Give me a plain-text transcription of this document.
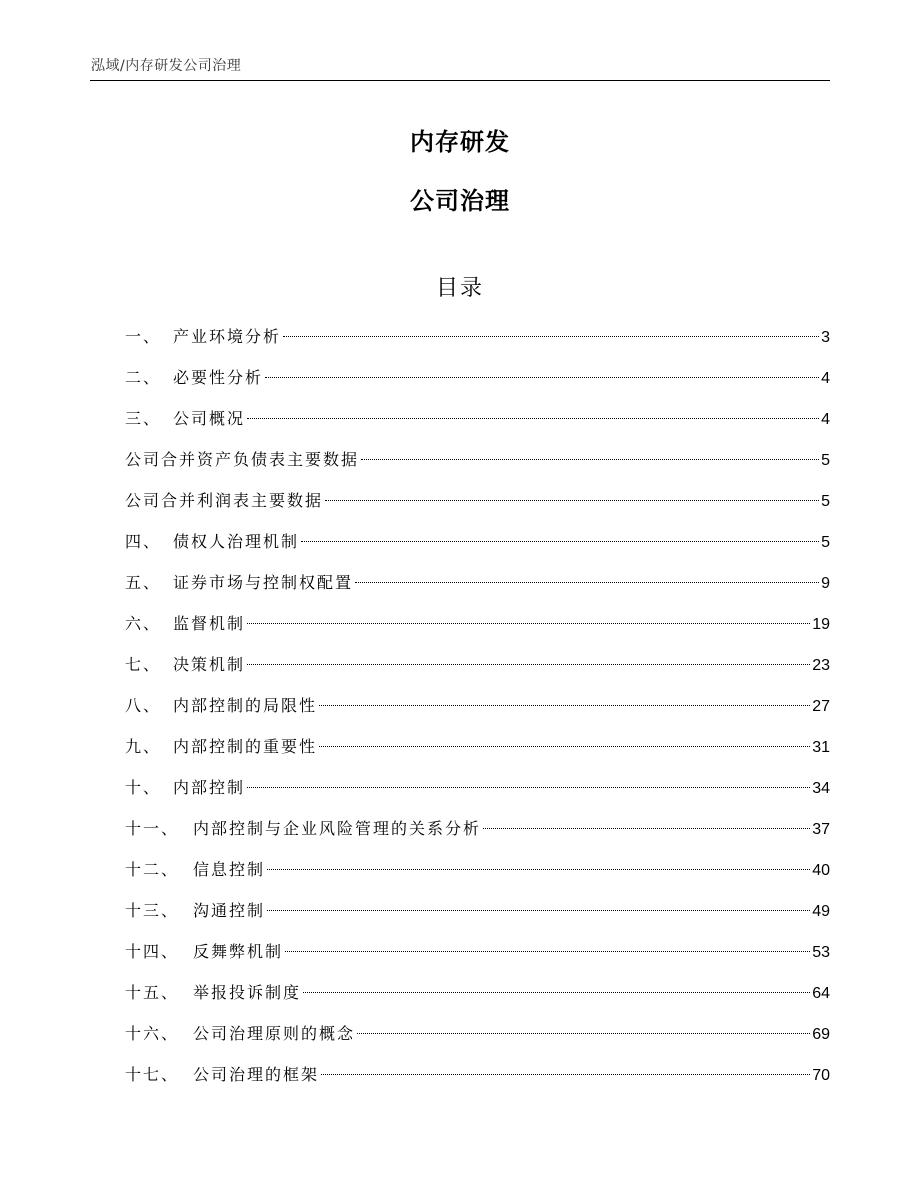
泓域/内存研发公司治理
内存研发
公司治理
目录
一、 产业环境分析	3
二、 必要性分析	4
三、 公司概况	4
公司合并资产负债表主要数据	5
公司合并利润表主要数据	5
四、 债权人治理机制	5
五、 证券市场与控制权配置	9
六、 监督机制	19
七、 决策机制	23
八、 内部控制的局限性	27
九、 内部控制的重要性	31
十、 内部控制	34
十一、 内部控制与企业风险管理的关系分析	37
十二、 信息控制	40
十三、 沟通控制	49
十四、 反舞弊机制	53
十五、 举报投诉制度	64
十六、 公司治理原则的概念	69
十七、 公司治理的框架	70
